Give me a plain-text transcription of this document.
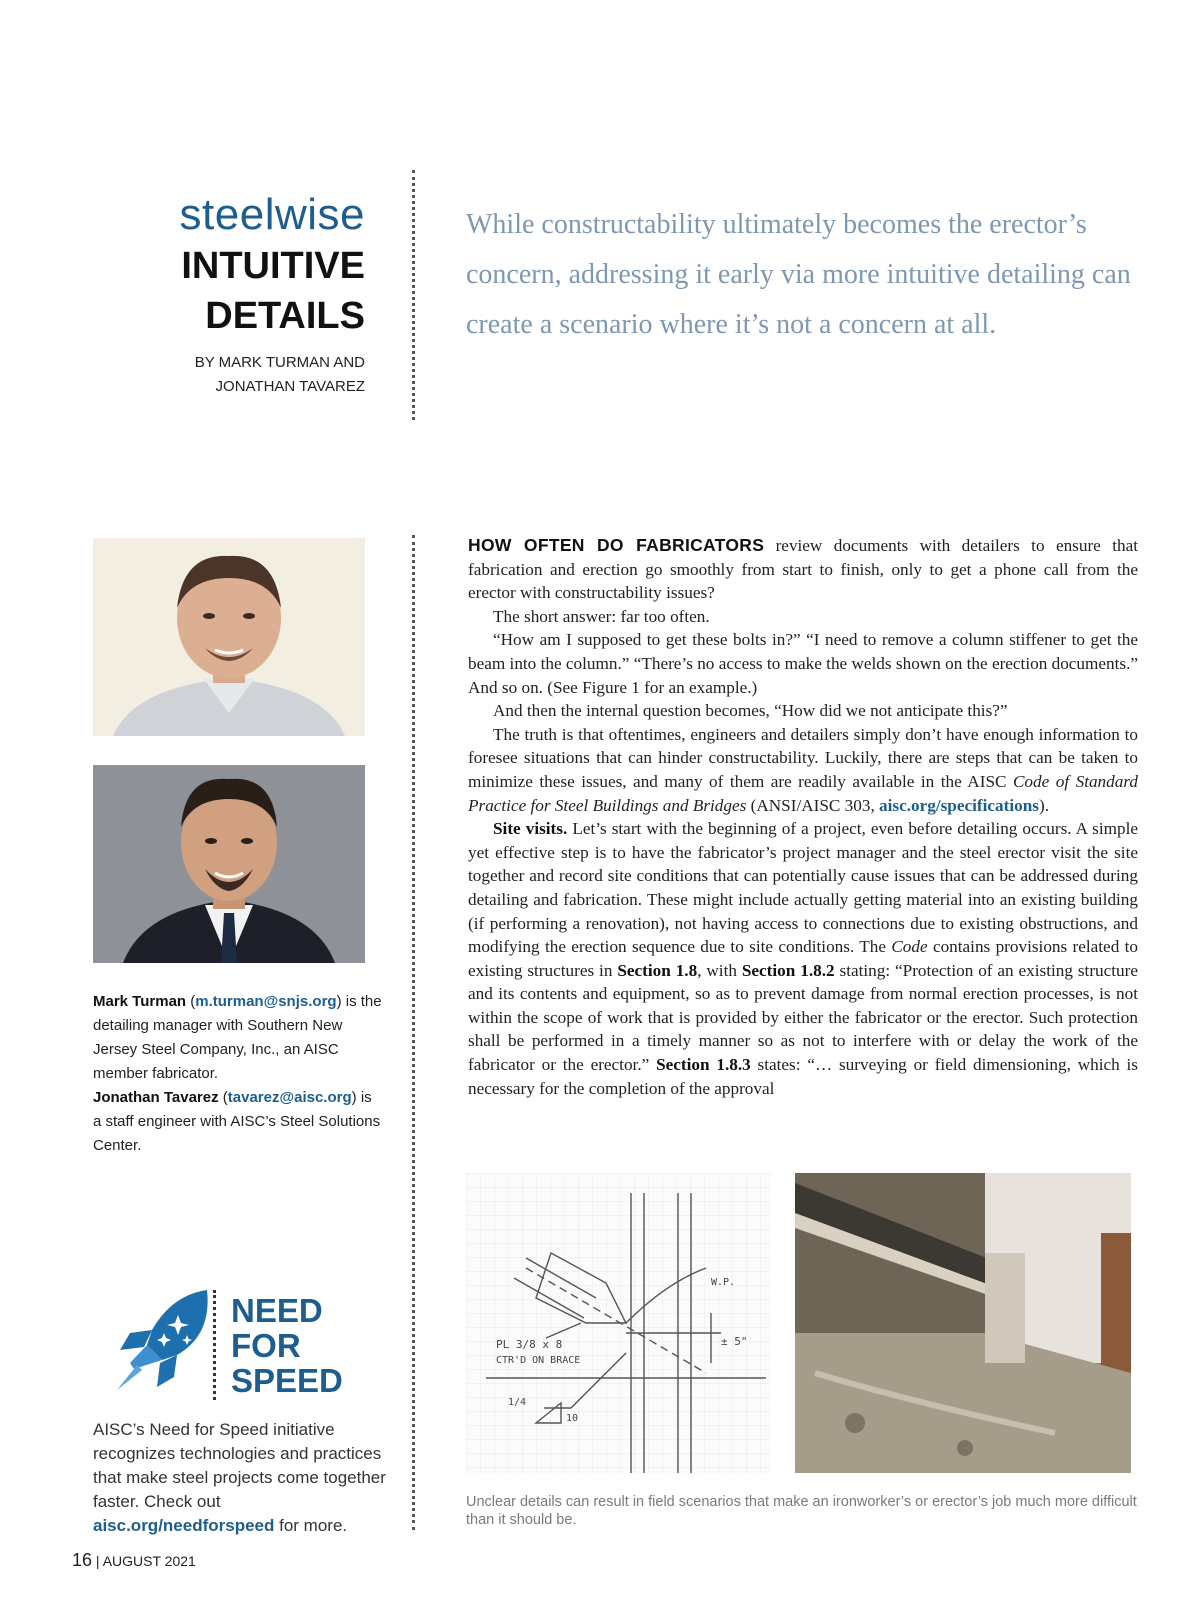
steelwise
INTUITIVE
DETAILS
BY MARK TURMAN AND
JONATHAN TAVAREZ
While constructability ultimately becomes the erector’s concern, addressing it early via more intuitive detailing can create a scenario where it’s not a concern at all.
Mark Turman (m.turman@snjs.org) is the detailing manager with Southern New Jersey Steel Company, Inc., an AISC member fabricator.
Jonathan Tavarez (tavarez@aisc.org) is a staff engineer with AISC’s Steel Solutions Center.
NEED
FOR
SPEED
AISC’s Need for Speed initiative recognizes technologies and practices that make steel projects come together faster. Check out aisc.org/needforspeed for more.
16 | AUGUST 2021

HOW OFTEN DO FABRICATORS review documents with detailers to ensure that fabrication and erection go smoothly from start to finish, only to get a phone call from the erector with constructability issues?

The short answer: far too often.

“How am I supposed to get these bolts in?” “I need to remove a column stiffener to get the beam into the column.” “There’s no access to make the welds shown on the erection documents.” And so on. (See Figure 1 for an example.)

And then the internal question becomes, “How did we not anticipate this?”

The truth is that oftentimes, engineers and detailers simply don’t have enough information to foresee situations that can hinder constructability. Luckily, there are steps that can be taken to minimize these issues, and many of them are readily available in the AISC Code of Standard Practice for Steel Buildings and Bridges (ANSI/AISC 303, aisc.org/specifications).

Site visits. Let’s start with the beginning of a project, even before detailing occurs. A simple yet effective step is to have the fabricator’s project manager and the steel erector visit the site together and record site conditions that can potentially cause issues that can be addressed during detailing and fabrication. These might include actually getting material into an existing building (if performing a renovation), not having access to connections due to existing obstructions, and modifying the erection sequence due to site conditions. The Code contains provisions related to existing structures in Section 1.8, with Section 1.8.2 stating: “Protection of an existing structure and its contents and equipment, so as to prevent damage from normal erection processes, is not within the scope of work that is provided by either the fabricator or the erector. Such protection shall be performed in a timely manner so as not to interfere with or delay the work of the fabricator or the erector.” Section 1.8.3 states: “… surveying or field dimensioning, which is necessary for the completion of the approval

PL 3/8 x 8
CTR'D ON BRACE
W.P.
± 5"
1/4
10
Unclear details can result in field scenarios that make an ironworker’s or erector’s job much more difficult than it should be.
